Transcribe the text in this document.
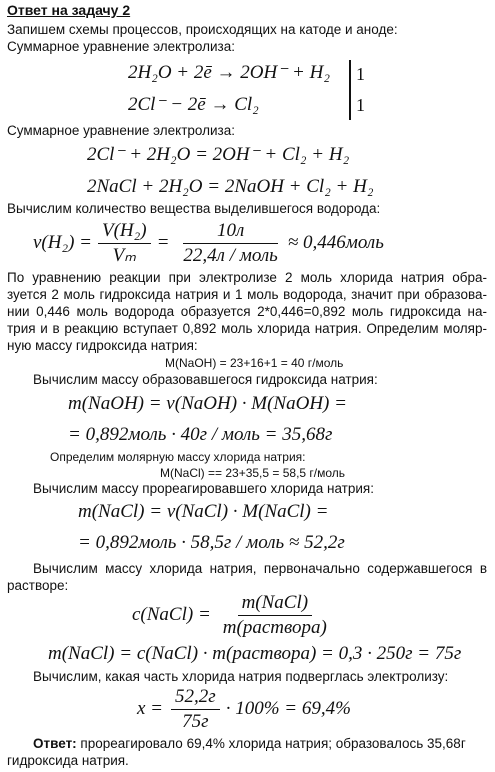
Ответ на задачу 2
Запишем схемы процессов, происходящих на катоде и аноде:
Суммарное уравнение электролиза:
2H₂O + 2ē → 2OH⁻ + H₂ 1
2Cl⁻ − 2ē → Cl₂	1
Суммарное уравнение электролиза:
2Cl⁻ + 2H₂O = 2OH⁻ + Cl₂ + H₂
2NaCl + 2H₂O = 2NaOH + Cl₂ + H₂
Вычислим количество вещества выделившегося водорода:
$\nu(H_2) = \frac{\text{V(H₂)}}{\text{Vₘ}} = \frac{10л}{\text{22,4л / моль}}$ ≈ 0,446моль
По уравнению реакции при электролизе 2 моль хлорида натрия обра-
зуется 2 моль гидроксида натрия и 1 моль водорода, значит при образова-
нии 0,446 моль водорода образуется 2*0,446=0,892 моль гидроксида на-
трия и в реакцию вступает 0,892 моль хлорида натрия. Определим моляр-
ную массу гидроксида натрия:
M(NaOH) = 23+16+1 = 40 г/моль
Вычислим массу образовавшегося гидроксида натрия:
m(NaOH) = ν(NaOH) · M(NaOH) =
= 0,892моль · 40г / моль = 35,68г
Определим молярную массу хлорида натрия:
M(NaCl) == 23+35,5 = 58,5 г/моль
Вычислим массу прореагировавшего хлорида натрия:
m(NaCl) = ν(NaCl) · M(NaCl) =
= 0,892моль · 58,5г / моль ≈ 52,2г
Вычислим массу хлорида натрия, первоначально содержавшегося в
растворе:
c(NaCl) = $\frac{\text{m(NaCl)}}{\text{m(раствора)}}$
m(NaCl) = c(NaCl) · m(раствора) = 0,3 · 250г = 75г
Вычислим, какая часть хлорида натрия подверглась электролизу:
$x = \frac{52,2г}{75г} \cdot 100\% = 69,4\%$
Ответ: прореагировало 69,4% хлорида натрия; образовалось 35,68г
гидроксида натрия.
